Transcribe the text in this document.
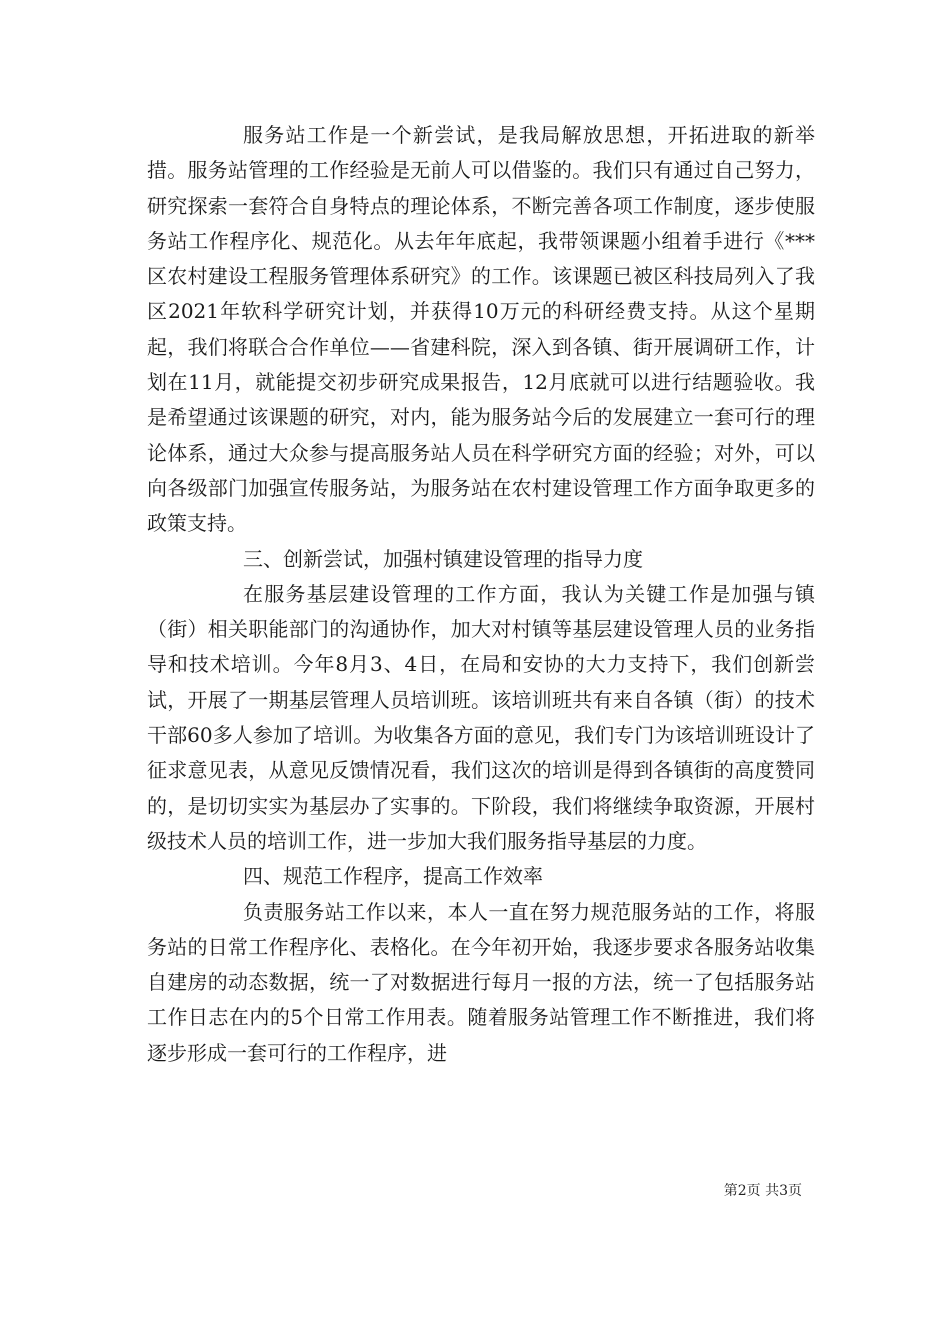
服务站工作是一个新尝试，是我局解放思想，开拓进取的新举措。服务站管理的工作经验是无前人可以借鉴的。我们只有通过自己努力，研究探索一套符合自身特点的理论体系，不断完善各项工作制度，逐步使服务站工作程序化、规范化。从去年年底起，我带领课题小组着手进行《***区农村建设工程服务管理体系研究》的工作。该课题已被区科技局列入了我区2021年软科学研究计划，并获得10万元的科研经费支持。从这个星期起，我们将联合合作单位——省建科院，深入到各镇、街开展调研工作，计划在11月，就能提交初步研究成果报告，12月底就可以进行结题验收。我是希望通过该课题的研究，对内，能为服务站今后的发展建立一套可行的理论体系，通过大众参与提高服务站人员在科学研究方面的经验；对外，可以向各级部门加强宣传服务站，为服务站在农村建设管理工作方面争取更多的政策支持。

三、创新尝试，加强村镇建设管理的指导力度

在服务基层建设管理的工作方面，我认为关键工作是加强与镇（街）相关职能部门的沟通协作，加大对村镇等基层建设管理人员的业务指导和技术培训。今年8月3、4日，在局和安协的大力支持下，我们创新尝试，开展了一期基层管理人员培训班。该培训班共有来自各镇（街）的技术干部60多人参加了培训。为收集各方面的意见，我们专门为该培训班设计了征求意见表，从意见反馈情况看，我们这次的培训是得到各镇街的高度赞同的，是切切实实为基层办了实事的。下阶段，我们将继续争取资源，开展村级技术人员的培训工作，进一步加大我们服务指导基层的力度。

四、规范工作程序，提高工作效率

负责服务站工作以来，本人一直在努力规范服务站的工作，将服务站的日常工作程序化、表格化。在今年初开始，我逐步要求各服务站收集自建房的动态数据，统一了对数据进行每月一报的方法，统一了包括服务站工作日志在内的5个日常工作用表。随着服务站管理工作不断推进，我们将逐步形成一套可行的工作程序，进

第2页 共3页
